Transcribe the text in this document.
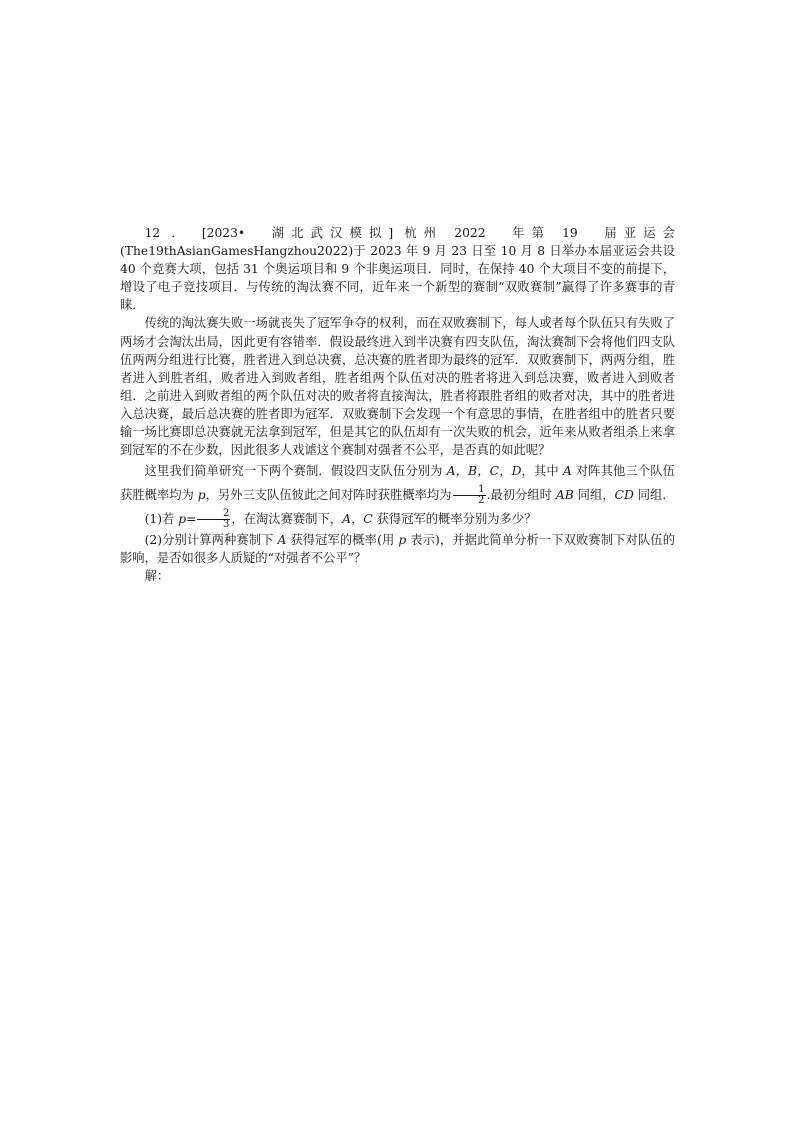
12 ． [2023•　湖北武汉模拟] 杭州 2022　年第 19　届亚运会

(The19thAsianGamesHangzhou2022)于 2023 年 9 月 23 日至 10 月 8 日举办本届亚运会共设 40 个竞赛大项，包括 31 个奥运项目和 9 个非奥运项目．同时，在保持 40 个大项目不变的前提下，增设了电子竞技项目．与传统的淘汰赛不同，近年来一个新型的赛制“双败赛制”赢得了许多赛事的青睐．

传统的淘汰赛失败一场就丧失了冠军争夺的权利，而在双败赛制下，每人或者每个队伍只有失败了两场才会淘汰出局，因此更有容错率．假设最终进入到半决赛有四支队伍，淘汰赛制下会将他们四支队伍两两分组进行比赛，胜者进入到总决赛，总决赛的胜者即为最终的冠军．双败赛制下，两两分组，胜者进入到胜者组，败者进入到败者组，胜者组两个队伍对决的胜者将进入到总决赛，败者进入到败者组．之前进入到败者组的两个队伍对决的败者将直接淘汰，胜者将跟胜者组的败者对决，其中的胜者进入总决赛，最后总决赛的胜者即为冠军．双败赛制下会发现一个有意思的事情，在胜者组中的胜者只要输一场比赛即总决赛就无法拿到冠军，但是其它的队伍却有一次失败的机会，近年来从败者组杀上来拿到冠军的不在少数，因此很多人戏谑这个赛制对强者不公平，是否真的如此呢？

这里我们简单研究一下两个赛制．假设四支队伍分别为 A，B，C，D，其中 A 对阵其他三个队伍获胜概率均为 p，另外三支队伍彼此之间对阵时获胜概率均为 $\frac{1}{2}$ .最初分组时 AB 同组，CD 同组．

(1)若 $p= \frac{2}{3}$ ，在淘汰赛赛制下，A，C 获得冠军的概率分别为多少？

(2)分别计算两种赛制下 A 获得冠军的概率(用 p 表示)，并据此简单分析一下双败赛制下对队伍的影响，是否如很多人质疑的“对强者不公平”？

解：
